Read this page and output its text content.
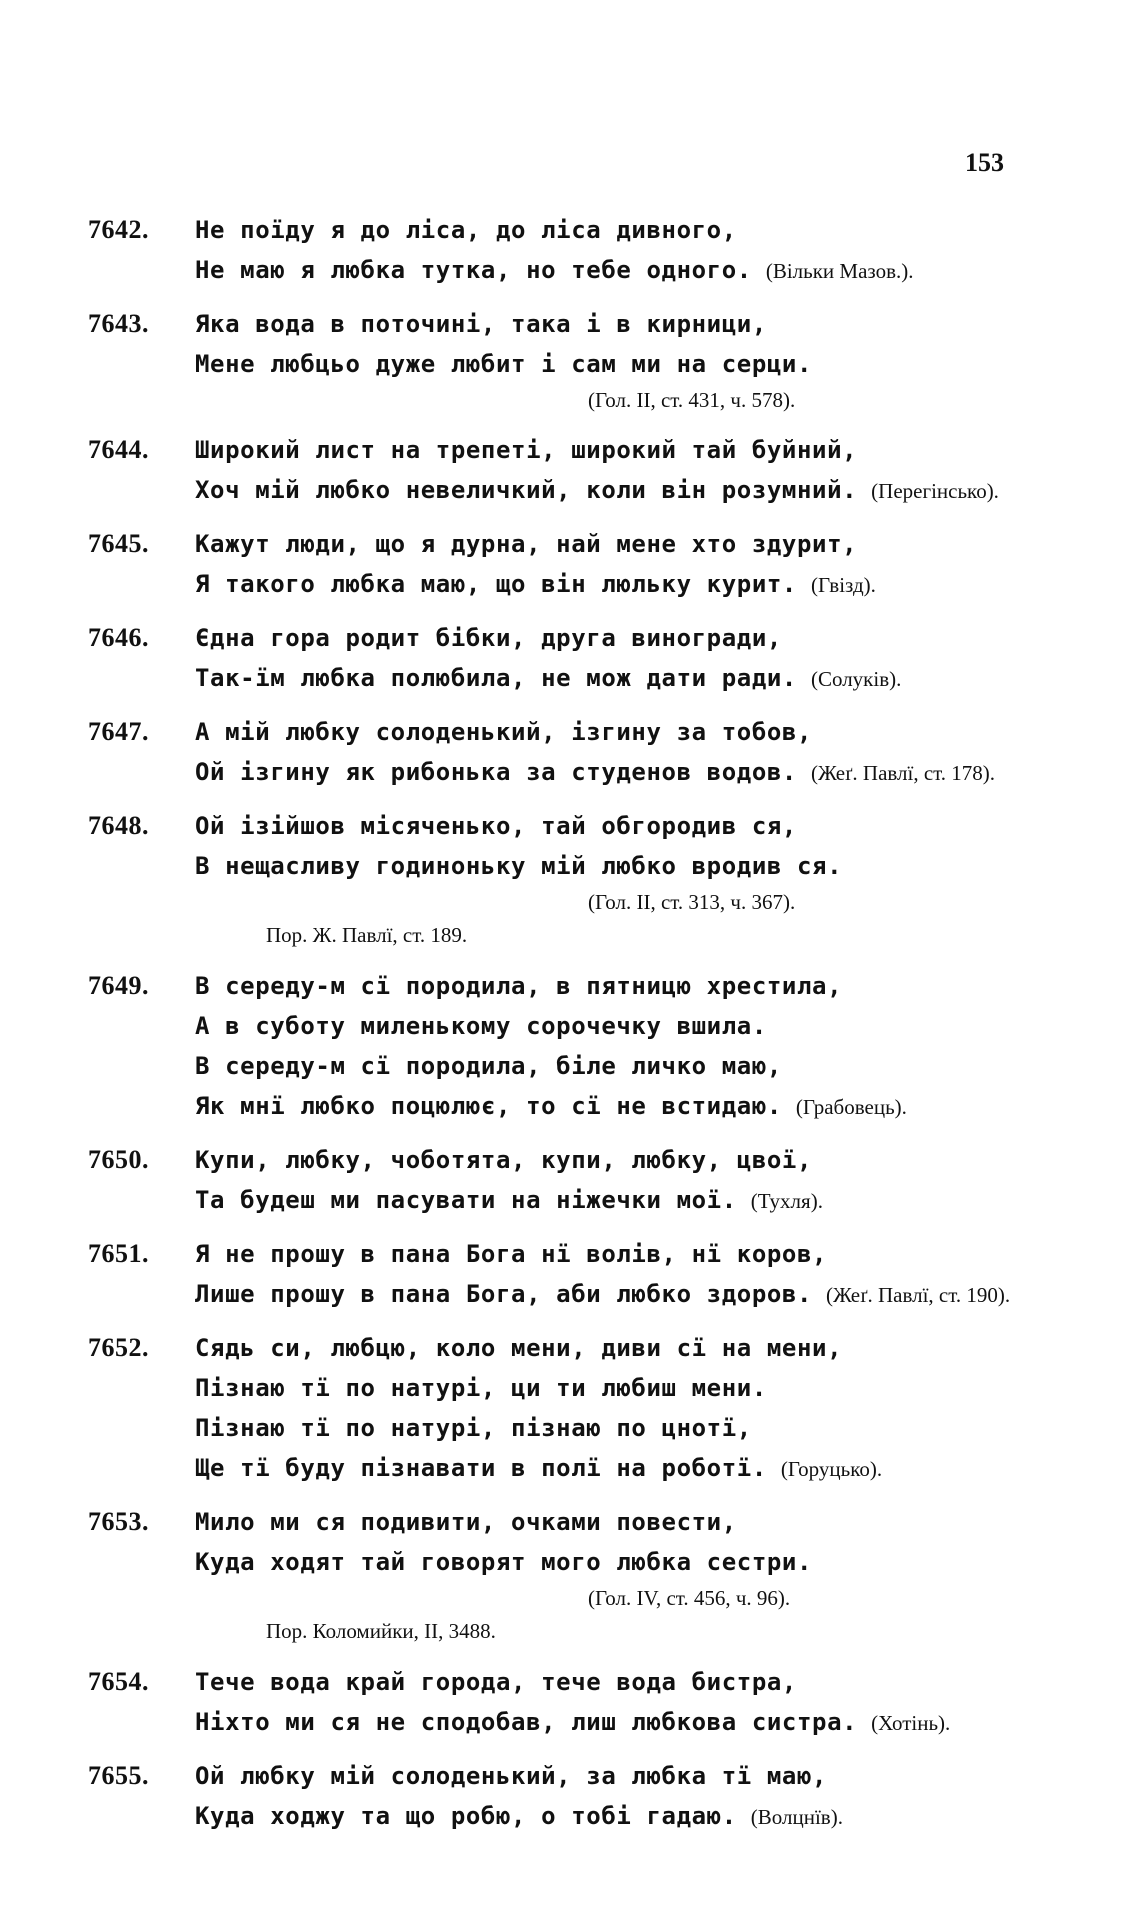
153
7642.	Не поїду я до ліса, до ліса дивного,
Не маю я любка тутка, но тебе одного. (Вільки Мазов.).
7643.	Яка вода в поточині, така і в кирници,
Мене любцьо дуже любит і сам ми на серци.
(Гол. II, ст. 431, ч. 578).
7644.	Широкий лист на трепеті, широкий тай буйний,
Хоч мій любко невеличкий, коли він розумний. (Перегінсько).
7645.	Кажут люди, що я дурна, най мене хто здурит,
Я такого любка маю, що він люльку курит. (Гвізд).
7646.	Єдна гора родит бібки, друга виногради,
Так-їм любка полюбила, не мож дати ради. (Солуків).
7647.	А мій любку солоденький, ізгину за тобов,
Ой ізгину як рибонька за студенов водов. (Жеґ. Павлї, ст. 178).
7648.	Ой ізійшов місяченько, тай обгородив ся,
В нещасливу годиноньку мій любко вродив ся.
(Гол. II, ст. 313, ч. 367).
Пор. Ж. Павлї, ст. 189.
7649.	В середу-м сї породила, в пятницю хрестила,
А в суботу миленькому сорочечку вшила.
В середу-м сї породила, біле личко маю,
Як мнї любко поцюлює, то сї не встидаю. (Грабовець).
7650.	Купи, любку, чоботята, купи, любку, цвої,
Та будеш ми пасувати на ніжечки мої. (Тухля).
7651.	Я не прошу в пана Бога нї волів, нї коров,
Лише прошу в пана Бога, аби любко здоров. (Жеґ. Павлї, ст. 190).
7652.	Сядь си, любцю, коло мени, диви сї на мени,
Пізнаю тї по натурі, ци ти любиш мени.
Пізнаю тї по натурі, пізнаю по цнотї,
Ще тї буду пізнавати в полї на роботї. (Горуцько).
7653.	Мило ми ся подивити, очками повести,
Куда ходят тай говорят мого любка сестри.
(Гол. IV, ст. 456, ч. 96).
Пор. Коломийки, II, 3488.
7654.	Тече вода край города, тече вода бистра,
Ніхто ми ся не сподобав, лиш любкова систра. (Хотінь).
7655.	Ой любку мій солоденький, за любка тї маю,
Куда ходжу та що робю, о тобі гадаю. (Волцнїв).
